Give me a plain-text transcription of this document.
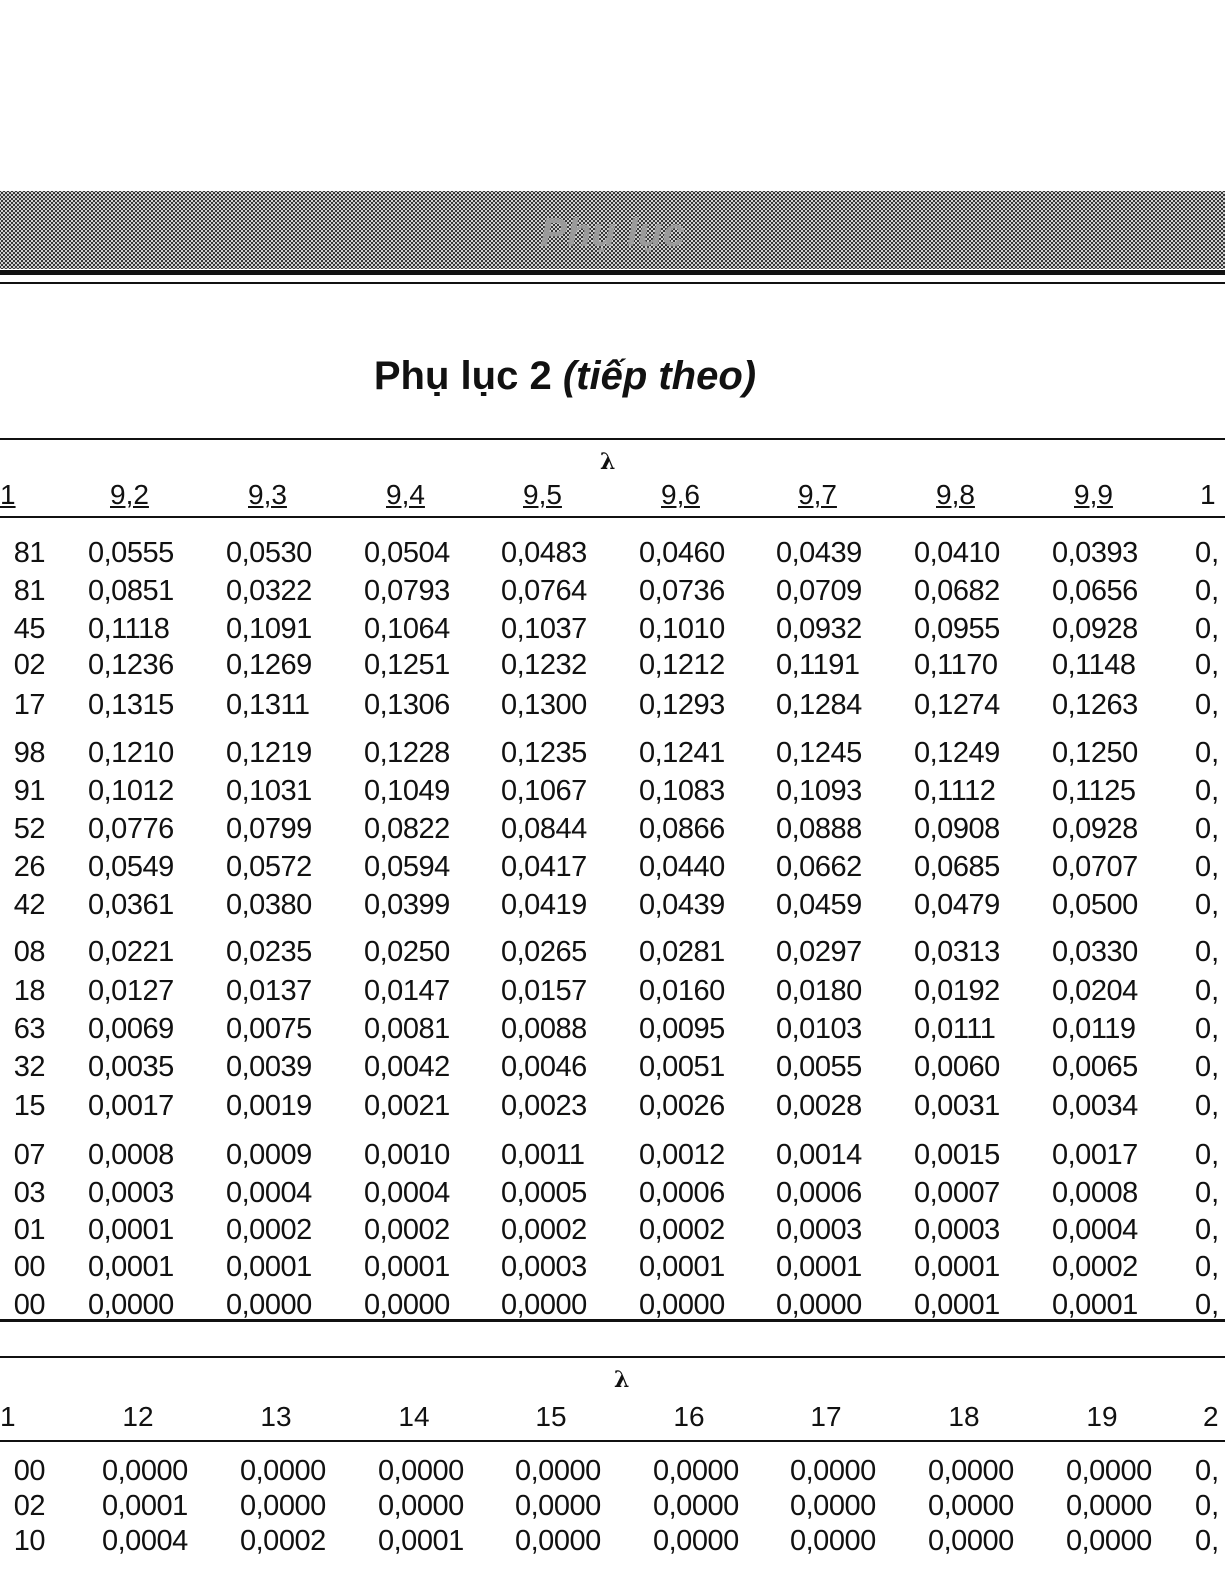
Phụ lục
Phụ lục 2 (tiếp theo)
λ
λ
1	9,2	9,3	9,4	9,5	9,6	9,7	9,8	9,9	1
81 0,0555 0,0530 0,0504 0,0483 0,0460 0,0439 0,0410 0,0393 0,
81 0,0851 0,0322 0,0793 0,0764 0,0736 0,0709 0,0682 0,0656 0,
45 0,1118 0,1091 0,1064 0,1037 0,1010 0,0932 0,0955 0,0928 0,
02 0,1236 0,1269 0,1251 0,1232 0,1212 0,1191 0,1170 0,1148 0,
17 0,1315 0,1311 0,1306 0,1300 0,1293 0,1284 0,1274 0,1263 0,
98 0,1210 0,1219 0,1228 0,1235 0,1241 0,1245 0,1249 0,1250 0,
91 0,1012 0,1031 0,1049 0,1067 0,1083 0,1093 0,1112 0,1125 0,
52 0,0776 0,0799 0,0822 0,0844 0,0866 0,0888 0,0908 0,0928 0,
26 0,0549 0,0572 0,0594 0,0417 0,0440 0,0662 0,0685 0,0707 0,
42 0,0361 0,0380 0,0399 0,0419 0,0439 0,0459 0,0479 0,0500 0,
08 0,0221 0,0235 0,0250 0,0265 0,0281 0,0297 0,0313 0,0330 0,
18 0,0127 0,0137 0,0147 0,0157 0,0160 0,0180 0,0192 0,0204 0,
63 0,0069 0,0075 0,0081 0,0088 0,0095 0,0103 0,0111 0,0119 0,
32 0,0035 0,0039 0,0042 0,0046 0,0051 0,0055 0,0060 0,0065 0,
15 0,0017 0,0019 0,0021 0,0023 0,0026 0,0028 0,0031 0,0034 0,
07 0,0008 0,0009 0,0010 0,0011 0,0012 0,0014 0,0015 0,0017 0,
03 0,0003 0,0004 0,0004 0,0005 0,0006 0,0006 0,0007 0,0008 0,
01 0,0001 0,0002 0,0002 0,0002 0,0002 0,0003 0,0003 0,0004 0,
00 0,0001 0,0001 0,0001 0,0003 0,0001 0,0001 0,0001 0,0002 0,
00 0,0000 0,0000 0,0000 0,0000 0,0000 0,0000 0,0001 0,0001 0,
1	12	13	14	15	16	17	18	19	2
00 0,0000 0,0000 0,0000 0,0000 0,0000 0,0000 0,0000 0,0000 0,
02 0,0001 0,0000 0,0000 0,0000 0,0000 0,0000 0,0000 0,0000 0,
10 0,0004 0,0002 0,0001 0,0000 0,0000 0,0000 0,0000 0,0000 0,
